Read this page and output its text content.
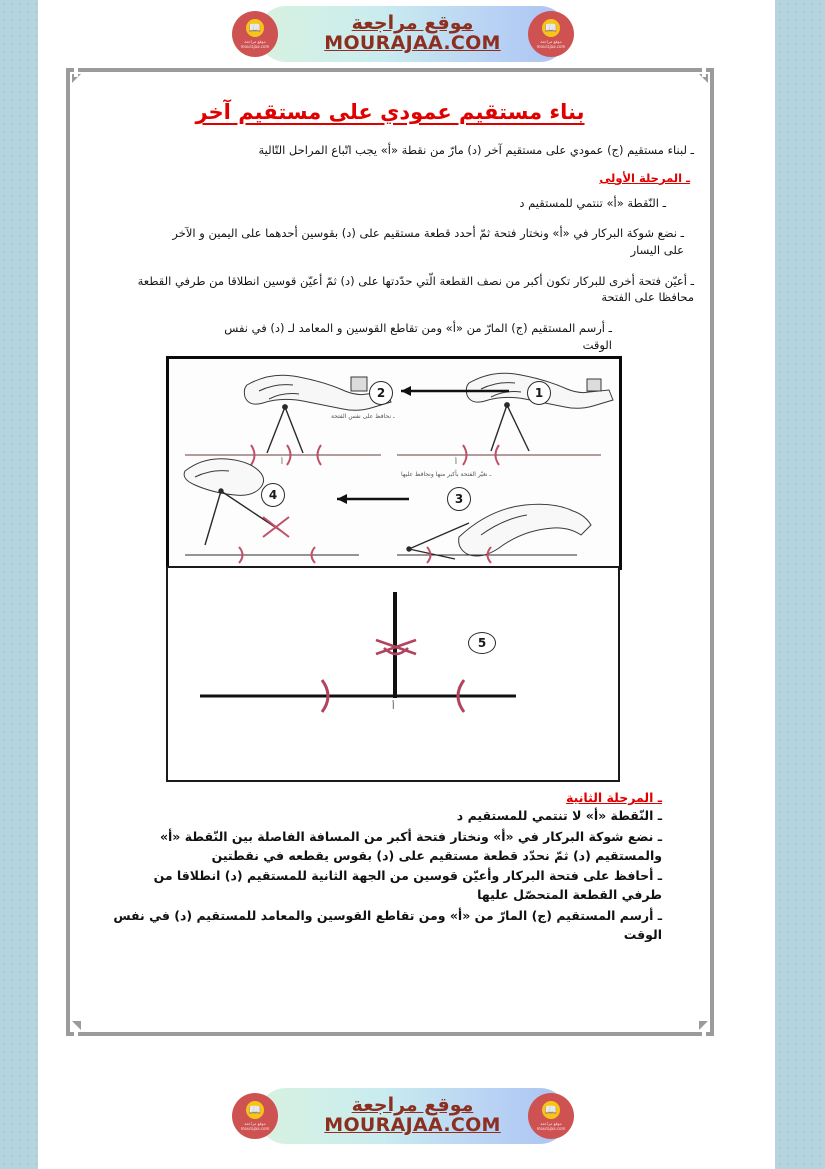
موقع مراجعة
MOURAJAA.COM
📖
موقع مراجعة
mourajaa.com
📖
موقع مراجعة
mourajaa.com
بناء مستقيم عمودي على مستقيم آخر

ـ لبناء مستقيم (ج) عمودي على مستقيم آخر (د) مارّ من نقطة «أ» يجب اتّباع المراحل التّالية

ـ المرحلة الأولى

ـ النّقطة «أ» تنتمي للمستقيم د

ـ نضع شوكة البركار في «أ» ونختار فتحة ثمّ أحدد قطعة مستقيم على (د) بقوسين أحدهما على اليمين و الآخر على اليسار

ـ أعيّن فتحة أخرى للبركار تكون أكبر من نصف القطعة الّتي حدّدتها على (د) ثمّ أعيّن قوسين انطلاقا من طرفي القطعة محافظا على الفتحة

ـ أرسم المستقيم (ج) المارّ من «أ» ومن تقاطع القوسين و المعامد لـ (د) في نفس الوقت

1
2
3
4
ـ نحافظ على نفس الفتحة
ـ نغيّر الفتحة بأكبر منها ونحافظ عليها
أ	أ
5
أ
ـ المرحلة الثانية

ـ النّقطة «أ» لا تنتمي للمستقيم د

ـ نضع شوكة البركار في «أ» ونختار فتحة أكبر من المسافة الفاصلة بين النّقطة «أ» والمستقيم (د) ثمّ نحدّد قطعة مستقيم على (د) بقوس يقطعه في نقطتين

ـ أحافظ على فتحة البركار وأعيّن قوسين من الجهة الثانية للمستقيم (د) انطلاقا من طرفي القطعة المتحصّل عليها

ـ أرسم المستقيم (ج) المارّ من «أ» ومن تقاطع القوسين والمعامد للمستقيم (د) في نفس الوقت

موقع مراجعة
MOURAJAA.COM
📖
موقع مراجعة
mourajaa.com
📖
موقع مراجعة
mourajaa.com
